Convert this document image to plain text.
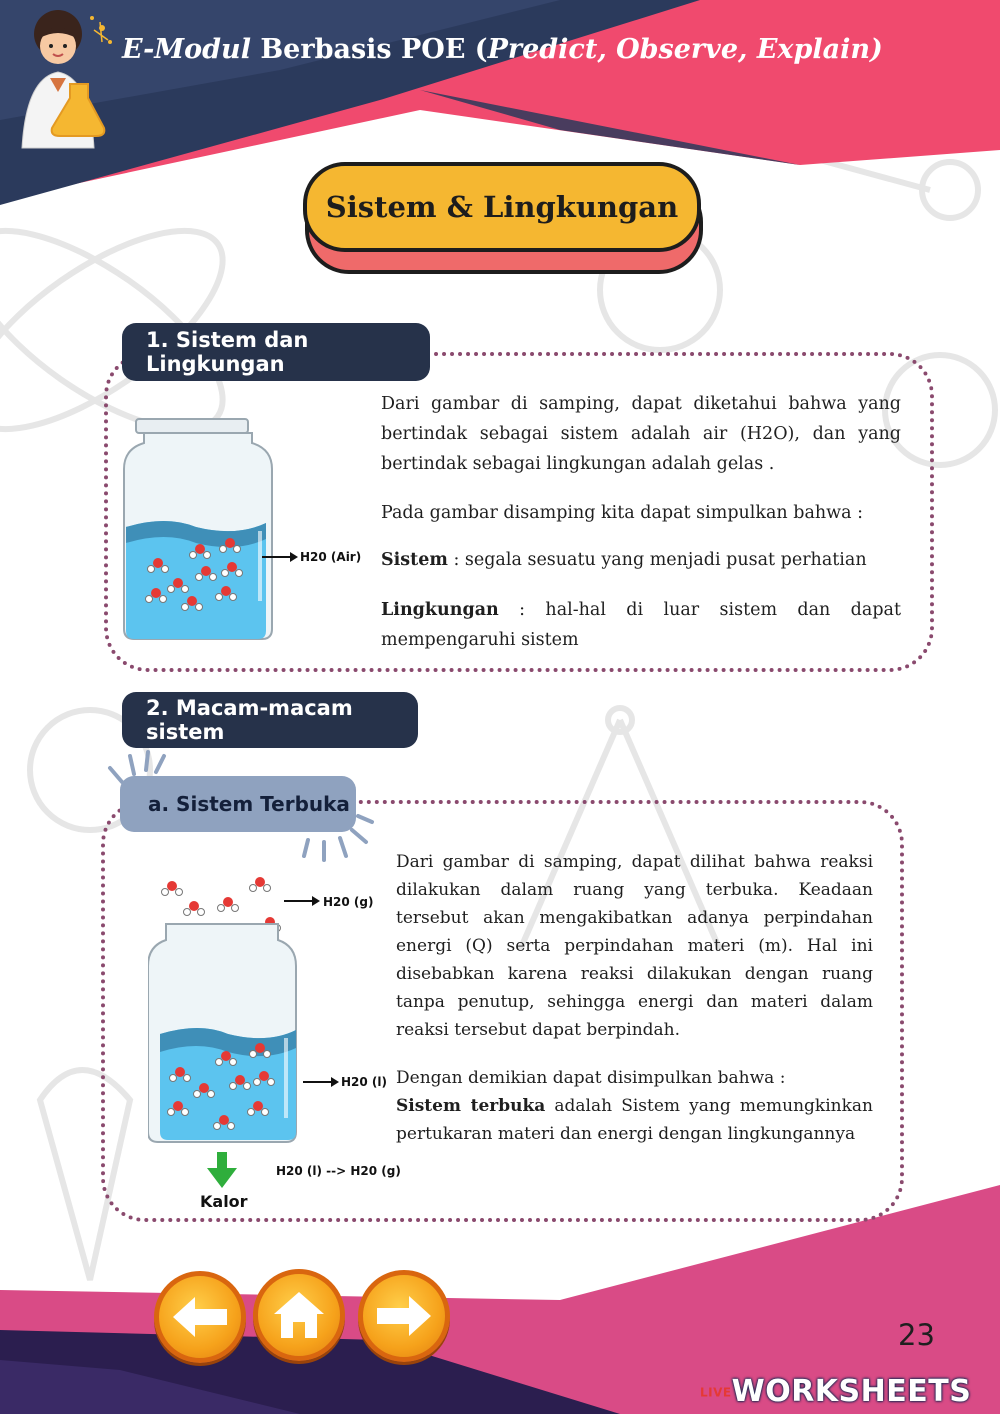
E-Modul Berbasis POE (Predict, Observe, Explain)
Sistem & Lingkungan
1. Sistem dan Lingkungan
H20 (Air)

Dari gambar di samping, dapat diketahui bahwa yang bertindak sebagai sistem adalah air (H2O), dan yang bertindak sebagai lingkungan adalah gelas .

Pada gambar disamping kita dapat simpulkan bahwa :

Sistem : segala sesuatu yang menjadi pusat perhatian

Lingkungan : hal-hal di luar sistem dan dapat mempengaruhi sistem

2. Macam-macam sistem
a. Sistem Terbuka
H20 (g)
H20 (l)
Kalor
H20 (l) --> H20 (g)

Dari gambar di samping, dapat dilihat bahwa reaksi dilakukan dalam ruang yang terbuka. Keadaan tersebut akan mengakibatkan adanya perpindahan energi (Q) serta perpindahan materi (m). Hal ini disebabkan karena reaksi dilakukan dengan ruang tanpa penutup, sehingga energi dan materi dalam reaksi tersebut dapat berpindah.

Dengan demikian dapat disimpulkan bahwa :

Sistem terbuka adalah Sistem yang memungkinkan pertukaran materi dan energi dengan lingkungannya

23
LIVEWORKSHEETS
